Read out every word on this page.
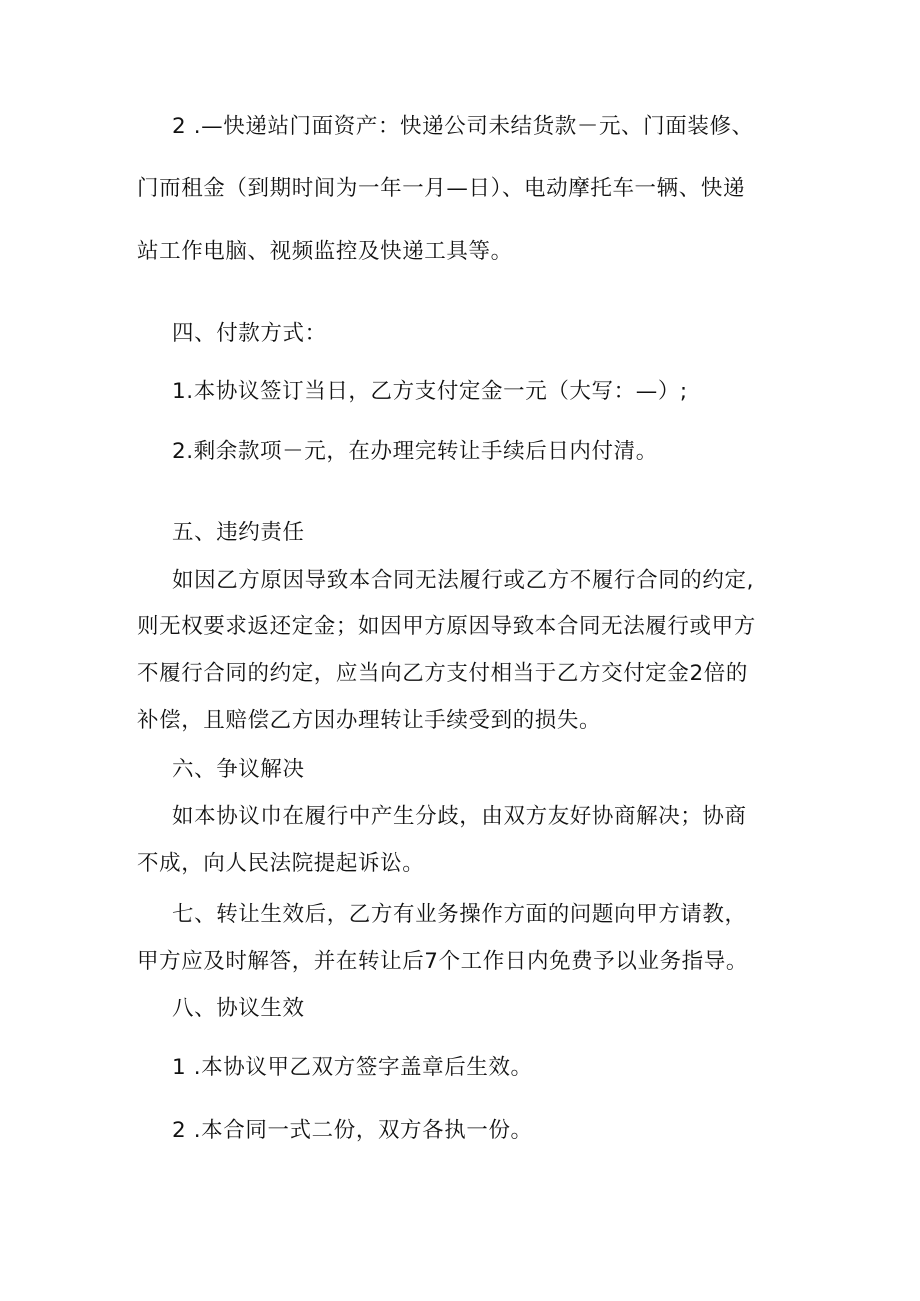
2 .—快递站门面资产：快递公司未结货款－元、门面装修、
门而租金（到期时间为一年一月—日）、电动摩托车一辆、快递
站工作电脑、视频监控及快递工具等。
四、付款方式：
1.本协议签订当日，乙方支付定金一元（大写：—）;
2.剩余款项－元，在办理完转让手续后日内付清。
五、违约责任
如因乙方原因导致本合同无法履行或乙方不履行合同的约定,
则无权要求返还定金；如因甲方原因导致本合同无法履行或甲方
不履行合同的约定，应当向乙方支付相当于乙方交付定金2倍的
补偿，且赔偿乙方因办理转让手续受到的损失。
六、争议解决
如本协议巾在履行中产生分歧，由双方友好协商解决；协商
不成，向人民法院提起诉讼。
七、转让生效后，乙方有业务操作方面的问题向甲方请教，
甲方应及时解答，并在转让后7个工作日内免费予以业务指导。
八、协议生效
1 .本协议甲乙双方签字盖章后生效。
2 .本合同一式二份，双方各执一份。
